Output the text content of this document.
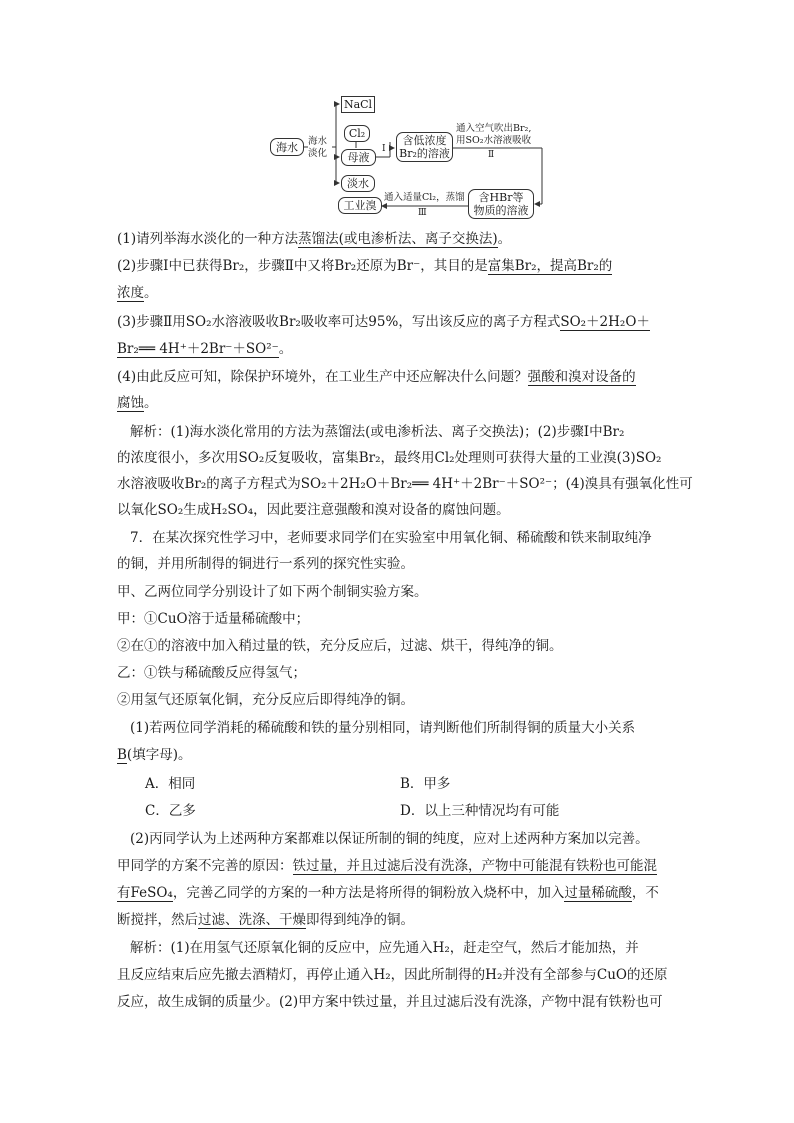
海水 海水
淡化
NaCl
Cl₂
母液
淡水
Ⅰ
含低浓度
Br₂的溶液
通入空气吹出Br₂,
用SO₂水溶液吸收
Ⅱ
含HBr等
物质的溶液
通入适量Cl₂，蒸馏
Ⅲ
工业溴
(1)请列举海水淡化的一种方法蒸馏法(或电渗析法、离子交换法)。
(2)步骤Ⅰ中已获得Br₂，步骤Ⅱ中又将Br₂还原为Br⁻，其目的是富集Br₂，提高Br₂的
浓度。
(3)步骤Ⅱ用SO₂水溶液吸收Br₂吸收率可达95%，写出该反应的离子方程式SO₂＋2H₂O＋
Br₂══ 4H⁺＋2Br⁻＋SO²⁻。
(4)由此反应可知，除保护环境外，在工业生产中还应解决什么问题？强酸和溴对设备的
腐蚀。
解析：(1)海水淡化常用的方法为蒸馏法(或电渗析法、离子交换法)；(2)步骤Ⅰ中Br₂
的浓度很小，多次用SO₂反复吸收，富集Br₂，最终用Cl₂处理则可获得大量的工业溴(3)SO₂
水溶液吸收Br₂的离子方程式为SO₂＋2H₂O＋Br₂══ 4H⁺＋2Br⁻＋SO²⁻；(4)溴具有强氧化性可
以氧化SO₂生成H₂SO₄，因此要注意强酸和溴对设备的腐蚀问题。
7．在某次探究性学习中，老师要求同学们在实验室中用氧化铜、稀硫酸和铁来制取纯净
的铜，并用所制得的铜进行一系列的探究性实验。
甲、乙两位同学分别设计了如下两个制铜实验方案。
甲：①CuO溶于适量稀硫酸中；
②在①的溶液中加入稍过量的铁，充分反应后，过滤、烘干，得纯净的铜。
乙：①铁与稀硫酸反应得氢气；
②用氢气还原氧化铜，充分反应后即得纯净的铜。
(1)若两位同学消耗的稀硫酸和铁的量分别相同，请判断他们所制得铜的质量大小关系
B(填字母)。
A．相同	B．甲多
C．乙多	D．以上三种情况均有可能
(2)丙同学认为上述两种方案都难以保证所制的铜的纯度，应对上述两种方案加以完善。
甲同学的方案不完善的原因：铁过量，并且过滤后没有洗涤，产物中可能混有铁粉也可能混
有FeSO₄，完善乙同学的方案的一种方法是将所得的铜粉放入烧杯中，加入过量稀硫酸，不
断搅拌，然后过滤、洗涤、干燥即得到纯净的铜。
解析：(1)在用氢气还原氧化铜的反应中，应先通入H₂，赶走空气，然后才能加热，并
且反应结束后应先撤去酒精灯，再停止通入H₂，因此所制得的H₂并没有全部参与CuO的还原
反应，故生成铜的质量少。(2)甲方案中铁过量，并且过滤后没有洗涤，产物中混有铁粉也可
